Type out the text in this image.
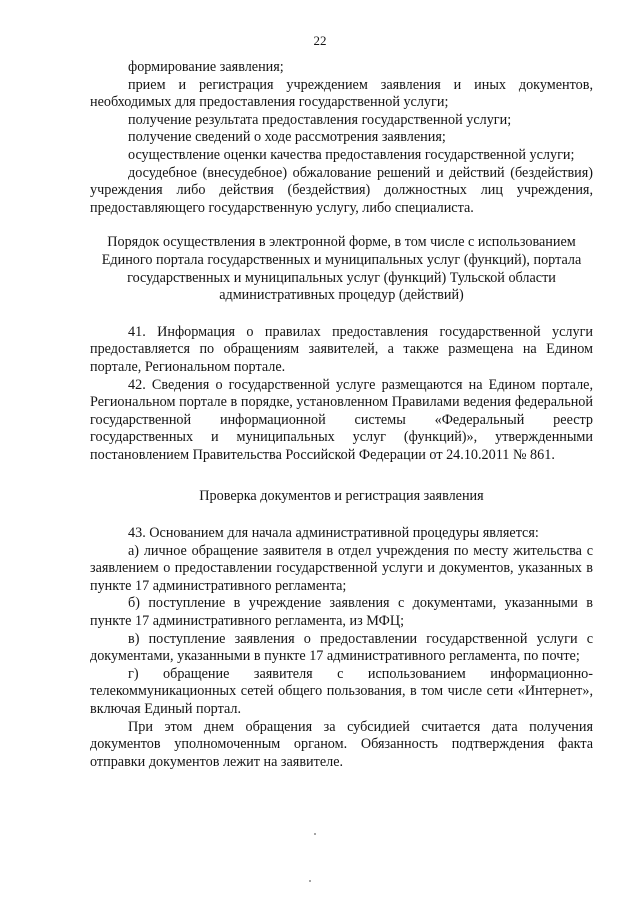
22

формирование заявления;

прием и регистрация учреждением заявления и иных документов, необходимых для предоставления государственной услуги;

получение результата предоставления государственной услуги;

получение сведений о ходе рассмотрения заявления;

осуществление оценки качества предоставления государственной услуги;

досудебное (внесудебное) обжалование решений и действий (бездействия) учреждения либо действия (бездействия) должностных лиц учреждения, предоставляющего государственную услугу, либо специалиста.

Порядок осуществления в электронной форме, в том числе с использованием Единого портала государственных и муниципальных услуг (функций), портала государственных и муниципальных услуг (функций) Тульской области административных процедур (действий)

41. Информация о правилах предоставления государственной услуги предоставляется по обращениям заявителей, а также размещена на Едином портале, Региональном портале.

42. Сведения о государственной услуге размещаются на Едином портале, Региональном портале в порядке, установленном Правилами ведения федеральной государственной информационной системы «Федеральный реестр государственных и муниципальных услуг (функций)», утвержденными постановлением Правительства Российской Федерации от 24.10.2011 № 861.

Проверка документов и регистрация заявления

43. Основанием для начала административной процедуры является:

а) личное обращение заявителя в отдел учреждения по месту жительства с заявлением о предоставлении государственной услуги и документов, указанных в пункте 17 административного регламента;

б) поступление в учреждение заявления с документами, указанными в пункте 17 административного регламента, из МФЦ;

в) поступление заявления о предоставлении государственной услуги с документами, указанными в пункте 17 административного регламента, по почте;

г) обращение заявителя с использованием информационно-телекоммуникационных сетей общего пользования, в том числе сети «Интернет», включая Единый портал.

При этом днем обращения за субсидией считается дата получения документов уполномоченным органом. Обязанность подтверждения факта отправки документов лежит на заявителе.
